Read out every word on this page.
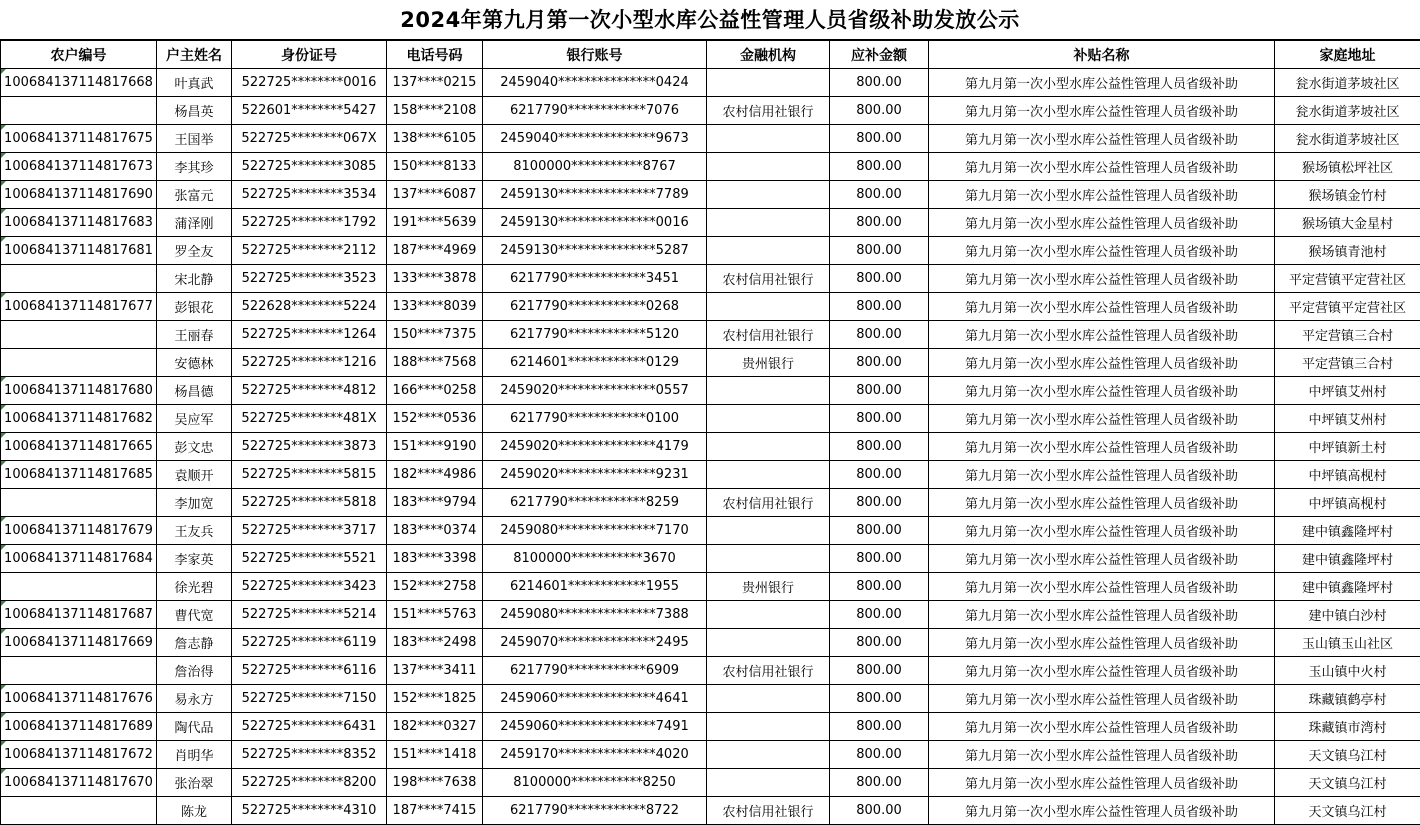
2024年第九月第一次小型水库公益性管理人员省级补助发放公示
农户编号	户主姓名	身份证号	电话号码	银行账号	金融机构	应补金额	补贴名称	家庭地址
100684137114817668	叶真武	522725********0016	137****0215	2459040***************0424		800.00	第九月第一次小型水库公益性管理人员省级补助	瓮水街道茅坡社区
	杨昌英	522601********5427	158****2108	6217790************7076	农村信用社银行	800.00	第九月第一次小型水库公益性管理人员省级补助	瓮水街道茅坡社区
100684137114817675	王国举	522725********067X	138****6105	2459040***************9673		800.00	第九月第一次小型水库公益性管理人员省级补助	瓮水街道茅坡社区
100684137114817673	李其珍	522725********3085	150****8133	8100000***********8767		800.00	第九月第一次小型水库公益性管理人员省级补助	猴场镇松坪社区
100684137114817690	张富元	522725********3534	137****6087	2459130***************7789		800.00	第九月第一次小型水库公益性管理人员省级补助	猴场镇金竹村
100684137114817683	蒲泽刚	522725********1792	191****5639	2459130***************0016		800.00	第九月第一次小型水库公益性管理人员省级补助	猴场镇大金星村
100684137114817681	罗全友	522725********2112	187****4969	2459130***************5287		800.00	第九月第一次小型水库公益性管理人员省级补助	猴场镇青池村
	宋北静	522725********3523	133****3878	6217790************3451	农村信用社银行	800.00	第九月第一次小型水库公益性管理人员省级补助	平定营镇平定营社区
100684137114817677	彭银花	522628********5224	133****8039	6217790************0268		800.00	第九月第一次小型水库公益性管理人员省级补助	平定营镇平定营社区
	王丽春	522725********1264	150****7375	6217790************5120	农村信用社银行	800.00	第九月第一次小型水库公益性管理人员省级补助	平定营镇三合村
	安德林	522725********1216	188****7568	6214601************0129	贵州银行	800.00	第九月第一次小型水库公益性管理人员省级补助	平定营镇三合村
100684137114817680	杨昌德	522725********4812	166****0258	2459020***************0557		800.00	第九月第一次小型水库公益性管理人员省级补助	中坪镇艾州村
100684137114817682	吴应军	522725********481X	152****0536	6217790************0100		800.00	第九月第一次小型水库公益性管理人员省级补助	中坪镇艾州村
100684137114817665	彭文忠	522725********3873	151****9190	2459020***************4179		800.00	第九月第一次小型水库公益性管理人员省级补助	中坪镇新土村
100684137114817685	袁顺开	522725********5815	182****4986	2459020***************9231		800.00	第九月第一次小型水库公益性管理人员省级补助	中坪镇高枧村
	李加宽	522725********5818	183****9794	6217790************8259	农村信用社银行	800.00	第九月第一次小型水库公益性管理人员省级补助	中坪镇高枧村
100684137114817679	王友兵	522725********3717	183****0374	2459080***************7170		800.00	第九月第一次小型水库公益性管理人员省级补助	建中镇鑫隆坪村
100684137114817684	李家英	522725********5521	183****3398	8100000***********3670		800.00	第九月第一次小型水库公益性管理人员省级补助	建中镇鑫隆坪村
	徐光碧	522725********3423	152****2758	6214601************1955	贵州银行	800.00	第九月第一次小型水库公益性管理人员省级补助	建中镇鑫隆坪村
100684137114817687	曹代宽	522725********5214	151****5763	2459080***************7388		800.00	第九月第一次小型水库公益性管理人员省级补助	建中镇白沙村
100684137114817669	詹志静	522725********6119	183****2498	2459070***************2495		800.00	第九月第一次小型水库公益性管理人员省级补助	玉山镇玉山社区
	詹治得	522725********6116	137****3411	6217790************6909	农村信用社银行	800.00	第九月第一次小型水库公益性管理人员省级补助	玉山镇中火村
100684137114817676	易永方	522725********7150	152****1825	2459060***************4641		800.00	第九月第一次小型水库公益性管理人员省级补助	珠藏镇鹤亭村
100684137114817689	陶代品	522725********6431	182****0327	2459060***************7491		800.00	第九月第一次小型水库公益性管理人员省级补助	珠藏镇市湾村
100684137114817672	肖明华	522725********8352	151****1418	2459170***************4020		800.00	第九月第一次小型水库公益性管理人员省级补助	天文镇乌江村
100684137114817670	张治翠	522725********8200	198****7638	8100000***********8250		800.00	第九月第一次小型水库公益性管理人员省级补助	天文镇乌江村
	陈龙	522725********4310	187****7415	6217790************8722	农村信用社银行	800.00	第九月第一次小型水库公益性管理人员省级补助	天文镇乌江村
